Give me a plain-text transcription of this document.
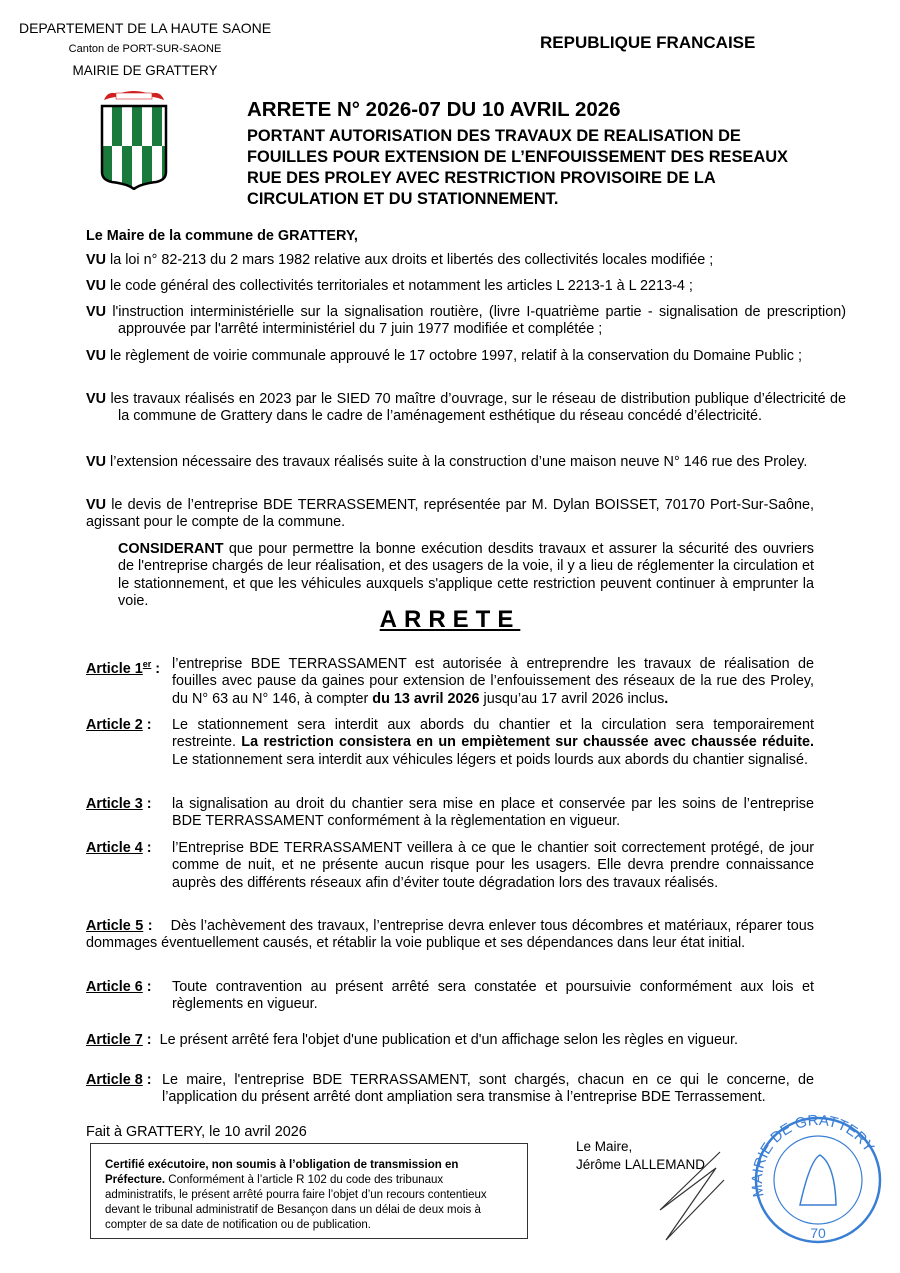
DEPARTEMENT DE LA HAUTE SAONE
Canton de PORT-SUR-SAONE
MAIRIE DE GRATTERY
REPUBLIQUE FRANCAISE
ARRETE N° 2026-07 DU 10 AVRIL 2026
PORTANT AUTORISATION DES TRAVAUX DE REALISATION DE FOUILLES POUR EXTENSION DE L’ENFOUISSEMENT DES RESEAUX RUE DES PROLEY AVEC RESTRICTION PROVISOIRE DE LA CIRCULATION ET DU STATIONNEMENT.
Le Maire de la commune de GRATTERY,
VU la loi n° 82-213 du 2 mars 1982 relative aux droits et libertés des collectivités locales modifiée ;
VU le code général des collectivités territoriales et notamment les articles L 2213-1 à L 2213-4 ;
VU l'instruction interministérielle sur la signalisation routière, (livre I-quatrième partie - signalisation de prescription) approuvée par l'arrêté interministériel du 7 juin 1977 modifiée et complétée ;
VU le règlement de voirie communale approuvé le 17 octobre 1997, relatif à la conservation du Domaine Public ;
VU les travaux réalisés en 2023 par le SIED 70 maître d’ouvrage, sur le réseau de distribution publique d’électricité de la commune de Grattery dans le cadre de l’aménagement esthétique du réseau concédé d’électricité.
VU l’extension nécessaire des travaux réalisés suite à la construction d’une maison neuve N° 146 rue des Proley.
VU le devis de l’entreprise BDE TERRASSEMENT, représentée par M. Dylan BOISSET, 70170 Port-Sur-Saône, agissant pour le compte de la commune.
CONSIDERANT que pour permettre la bonne exécution desdits travaux et assurer la sécurité des ouvriers de l'entreprise chargés de leur réalisation, et des usagers de la voie, il y a lieu de réglementer la circulation et le stationnement, et que les véhicules auxquels s'applique cette restriction peuvent continuer à emprunter la voie.
ARRETE
Article 1er : l’entreprise BDE TERRASSAMENT est autorisée à entreprendre les travaux de réalisation de fouilles avec pause da gaines pour extension de l’enfouissement des réseaux de la rue des Proley, du N° 63 au N° 146, à compter du 13 avril 2026 jusqu’au 17 avril 2026 inclus.
Article 2 :	Le stationnement sera interdit aux abords du chantier et la circulation sera temporairement restreinte. La restriction consistera en un empiètement sur chaussée avec chaussée réduite. Le stationnement sera interdit aux véhicules légers et poids lourds aux abords du chantier signalisé.
Article 3 :	la signalisation au droit du chantier sera mise en place et conservée par les soins de l’entreprise BDE TERRASSAMENT conformément à la règlementation en vigueur.
Article 4 :	l’Entreprise BDE TERRASSAMENT veillera à ce que le chantier soit correctement protégé, de jour comme de nuit, et ne présente aucun risque pour les usagers. Elle devra prendre connaissance auprès des différents réseaux afin d’éviter toute dégradation lors des travaux réalisés.
Article 5 :    Dès l’achèvement des travaux, l’entreprise devra enlever tous décombres et matériaux, réparer tous dommages éventuellement causés, et rétablir la voie publique et ses dépendances dans leur état initial.
Article 6 :	Toute contravention au présent arrêté sera constatée et poursuivie conformément aux lois et règlements en vigueur.
Article 7 :  Le présent arrêté fera l'objet d'une publication et d'un affichage selon les règles en vigueur.
Article 8 : Le maire, l'entreprise BDE TERRASSAMENT, sont chargés, chacun en ce qui le concerne, de l’application du présent arrêté dont ampliation sera transmise à l’entreprise BDE Terrassement.
Fait à GRATTERY, le 10 avril 2026
Certifié exécutoire, non soumis à l’obligation de transmission en Préfecture. Conformément à l’article R 102 du code des tribunaux administratifs, le présent arrêté pourra faire l’objet d’un recours contentieux devant le tribunal administratif de Besançon dans un délai de deux mois à compter de sa date de notification ou de publication.
Le Maire,
Jérôme LALLEMAND
MAIRIE DE GRATTERY
70
